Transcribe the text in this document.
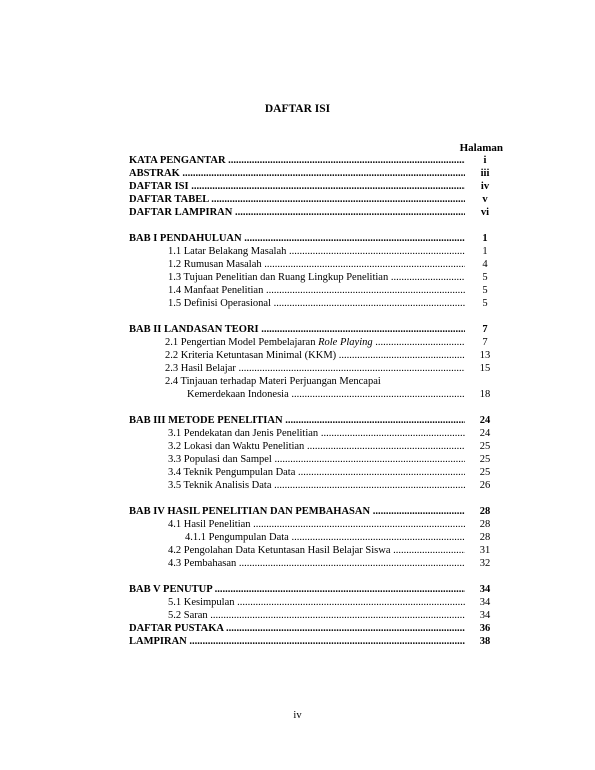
DAFTAR ISI
Halaman
KATA PENGANTAR .....	i
ABSTRAK .....	iii
DAFTAR ISI .....	iv
DAFTAR TABEL .....	v
DAFTAR LAMPIRAN .....	vi
BAB I PENDAHULUAN .....	1
1.1 Latar Belakang Masalah .....	1
1.2 Rumusan Masalah .....	4
1.3 Tujuan Penelitian dan Ruang Lingkup Penelitian .....	5
1.4 Manfaat Penelitian .....	5
1.5 Definisi Operasional .....	5
BAB II LANDASAN TEORI .....	7
2.1 Pengertian Model Pembelajaran Role Playing .....	7
2.2 Kriteria Ketuntasan Minimal (KKM) .....	13
2.3 Hasil Belajar .....	15
2.4 Tinjauan terhadap Materi Perjuangan Mencapai
Kemerdekaan Indonesia .....	18
BAB III METODE PENELITIAN .....	24
3.1 Pendekatan dan Jenis Penelitian .....	24
3.2 Lokasi dan Waktu Penelitian .....	25
3.3 Populasi dan Sampel .....	25
3.4 Teknik Pengumpulan Data .....	25
3.5 Teknik Analisis Data .....	26
BAB IV HASIL PENELITIAN DAN PEMBAHASAN .....	28
4.1 Hasil Penelitian .....	28
4.1.1 Pengumpulan Data .....	28
4.2 Pengolahan Data Ketuntasan Hasil Belajar Siswa .....	31
4.3 Pembahasan .....	32
BAB V PENUTUP .....	34
5.1 Kesimpulan .....	34
5.2 Saran .....	34
DAFTAR PUSTAKA .....	36
LAMPIRAN .....	38
iv
